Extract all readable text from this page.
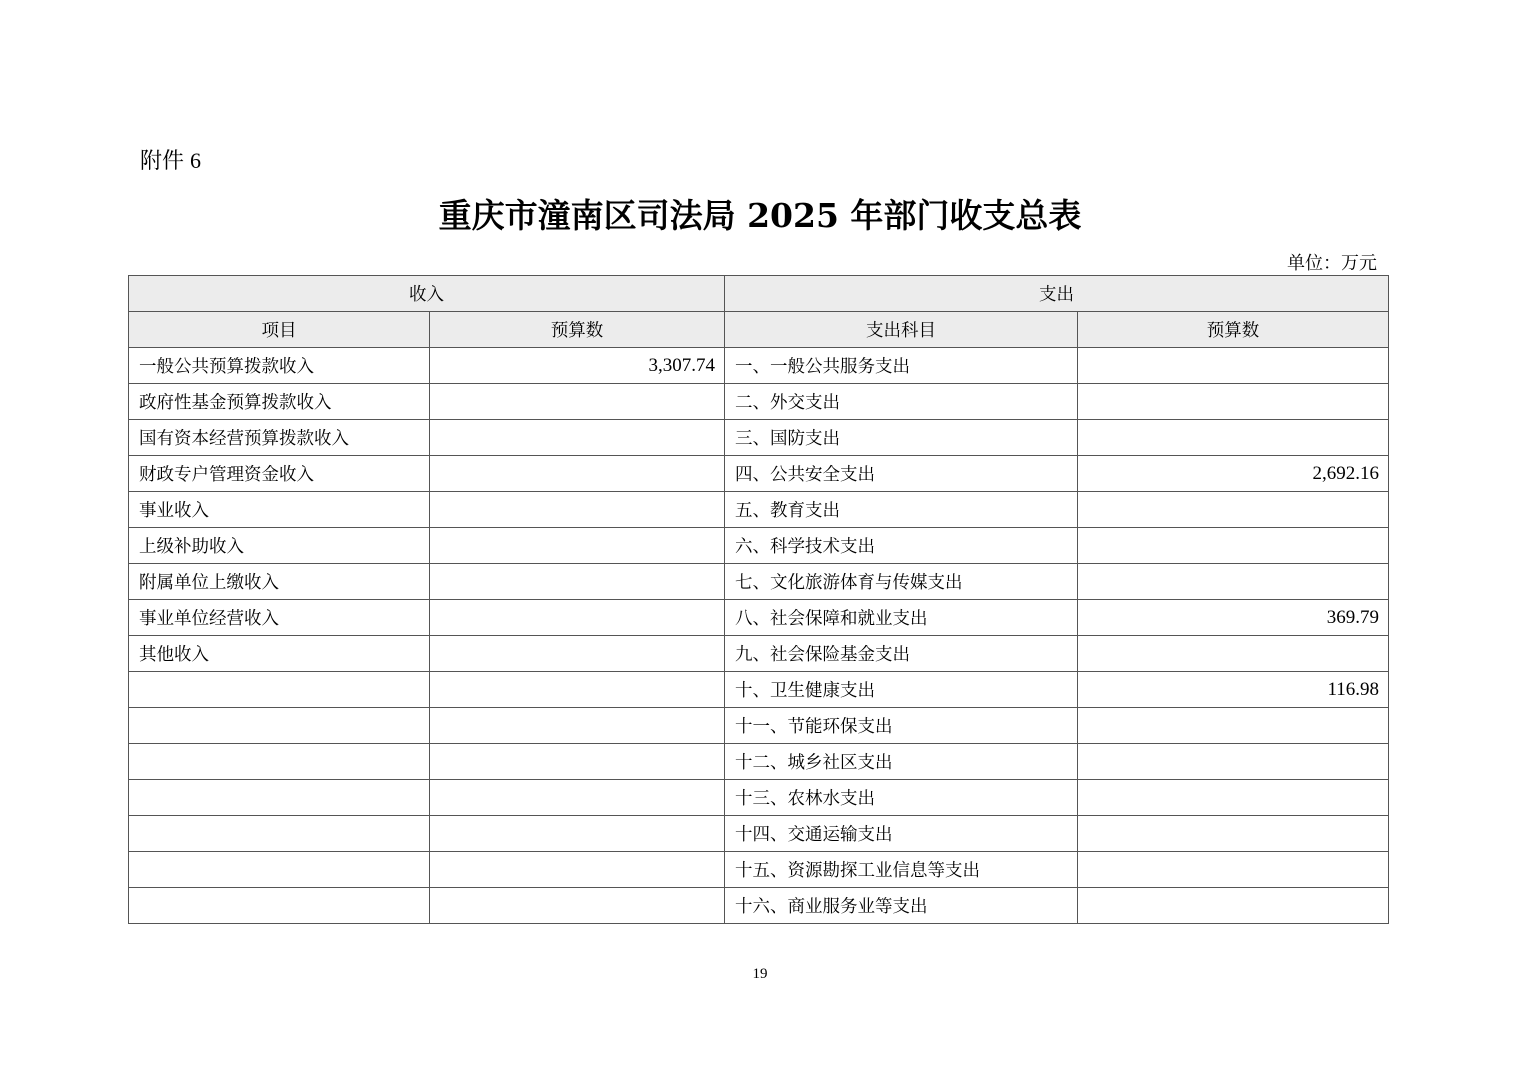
附件 6
重庆市潼南区司法局 2025 年部门收支总表
单位：万元
收入		支出	
项目	预算数	支出科目	预算数
一般公共预算拨款收入	3,307.74	一、一般公共服务支出	
政府性基金预算拨款收入		二、外交支出	
国有资本经营预算拨款收入		三、国防支出	
财政专户管理资金收入		四、公共安全支出	2,692.16
事业收入		五、教育支出	
上级补助收入		六、科学技术支出	
附属单位上缴收入		七、文化旅游体育与传媒支出	
事业单位经营收入		八、社会保障和就业支出	369.79
其他收入		九、社会保险基金支出	
		十、卫生健康支出	116.98
		十一、节能环保支出	
		十二、城乡社区支出	
		十三、农林水支出	
		十四、交通运输支出	
		十五、资源勘探工业信息等支出	
		十六、商业服务业等支出	
19
